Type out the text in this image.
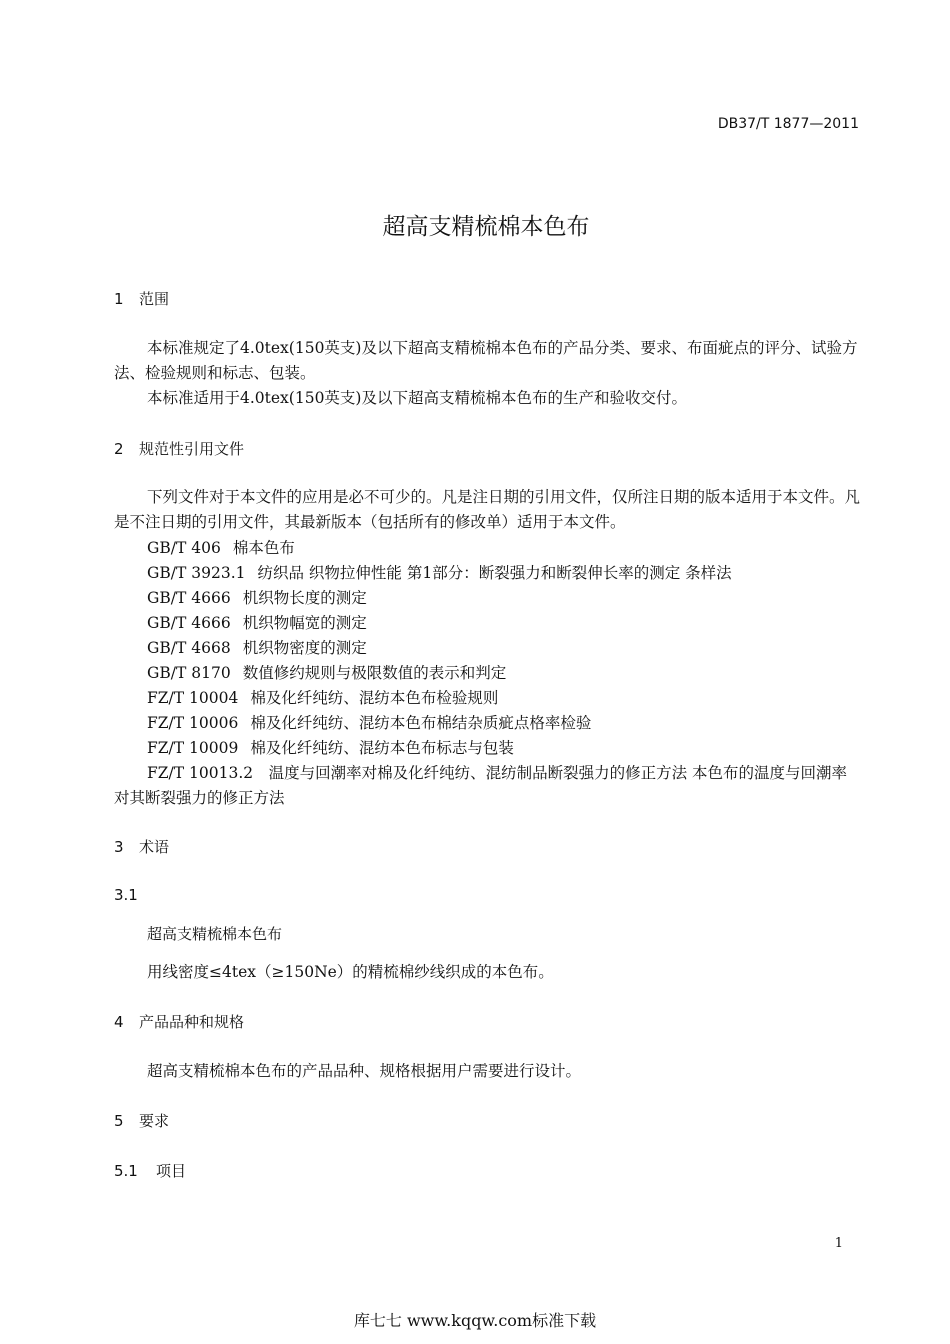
DB37/T 1877—2011
超高支精梳棉本色布
1 范围
本标准规定了4.0tex(150英支)及以下超高支精梳棉本色布的产品分类、要求、布面疵点的评分、试验方法、检验规则和标志、包装。
本标准适用于4.0tex(150英支)及以下超高支精梳棉本色布的生产和验收交付。
2 规范性引用文件
下列文件对于本文件的应用是必不可少的。凡是注日期的引用文件，仅所注日期的版本适用于本文件。凡是不注日期的引用文件，其最新版本（包括所有的修改单）适用于本文件。
GB/T 406 棉本色布
GB/T 3923.1 纺织品 织物拉伸性能 第1部分：断裂强力和断裂伸长率的测定 条样法
GB/T 4666 机织物长度的测定
GB/T 4666 机织物幅宽的测定
GB/T 4668 机织物密度的测定
GB/T 8170 数值修约规则与极限数值的表示和判定
FZ/T 10004 棉及化纤纯纺、混纺本色布检验规则
FZ/T 10006 棉及化纤纯纺、混纺本色布棉结杂质疵点格率检验
FZ/T 10009 棉及化纤纯纺、混纺本色布标志与包装
FZ/T 10013.2　温度与回潮率对棉及化纤纯纺、混纺制品断裂强力的修正方法 本色布的温度与回潮率对其断裂强力的修正方法
3 术语
3.1
超高支精梳棉本色布
用线密度≤4tex（≥150Ne）的精梳棉纱线织成的本色布。
4 产品品种和规格
超高支精梳棉本色布的产品品种、规格根据用户需要进行设计。
5 要求
5.1 项目
1
库七七 www.kqqw.com标准下载
